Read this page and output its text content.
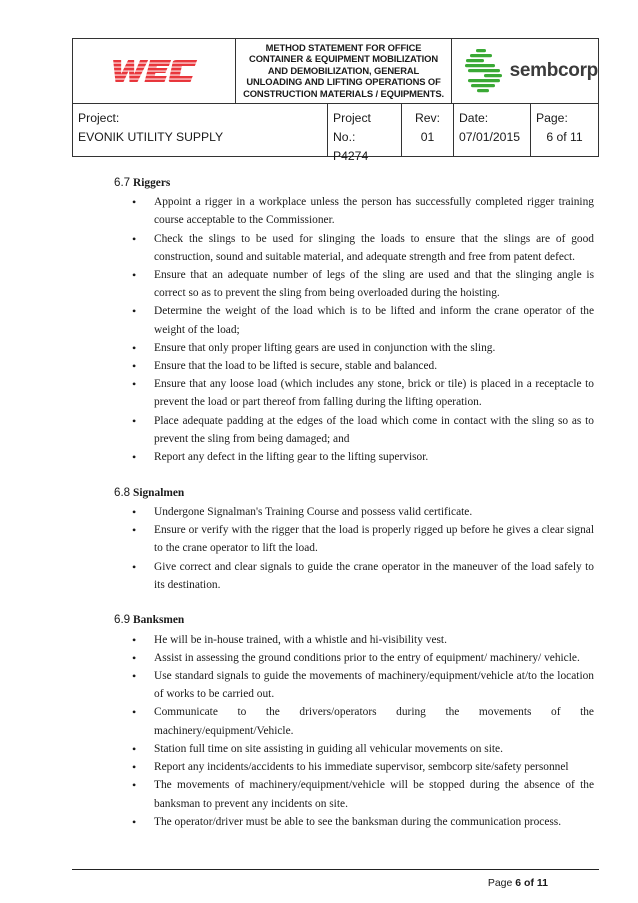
METHOD STATEMENT FOR OFFICE CONTAINER & EQUIPMENT MOBILIZATION AND DEMOBILIZATION, GENERAL UNLOADING AND LIFTING OPERATIONS OF CONSTRUCTION MATERIALS / EQUIPMENTS.
sembcorp
Project:
EVONIK UTILITY SUPPLY
Project No.:
P4274
Rev:
01
Date:
07/01/2015
Page:
6 of 11
6.7 Riggers
• Appoint a rigger in a workplace unless the person has successfully completed rigger training course acceptable to the Commissioner.
• Check the slings to be used for slinging the loads to ensure that the slings are of good construction, sound and suitable material, and adequate strength and free from patent defect.
• Ensure that an adequate number of legs of the sling are used and that the slinging angle is correct so as to prevent the sling from being overloaded during the hoisting.
• Determine the weight of the load which is to be lifted and inform the crane operator of the weight of the load;
• Ensure that only proper lifting gears are used in conjunction with the sling.
• Ensure that the load to be lifted is secure, stable and balanced.
• Ensure that any loose load (which includes any stone, brick or tile) is placed in a receptacle to prevent the load or part thereof from falling during the lifting operation.
• Place adequate padding at the edges of the load which come in contact with the sling so as to prevent the sling from being damaged; and
• Report any defect in the lifting gear to the lifting supervisor.
6.8 Signalmen
• Undergone Signalman's Training Course and possess valid certificate.
• Ensure or verify with the rigger that the load is properly rigged up before he gives a clear signal to the crane operator to lift the load.
• Give correct and clear signals to guide the crane operator in the maneuver of the load safely to its destination.
6.9 Banksmen
• He will be in-house trained, with a whistle and hi-visibility vest.
• Assist in assessing the ground conditions prior to the entry of equipment/ machinery/ vehicle.
• Use standard signals to guide the movements of machinery/equipment/vehicle at/to the location of works to be carried out.
• Communicate to the drivers/operators during the movements of the machinery/equipment/Vehicle.
• Station full time on site assisting in guiding all vehicular movements on site.
• Report any incidents/accidents to his immediate supervisor, sembcorp site/safety personnel
• The movements of machinery/equipment/vehicle will be stopped during the absence of the banksman to prevent any incidents on site.
• The operator/driver must be able to see the banksman during the communication process.
Page 6 of 11
